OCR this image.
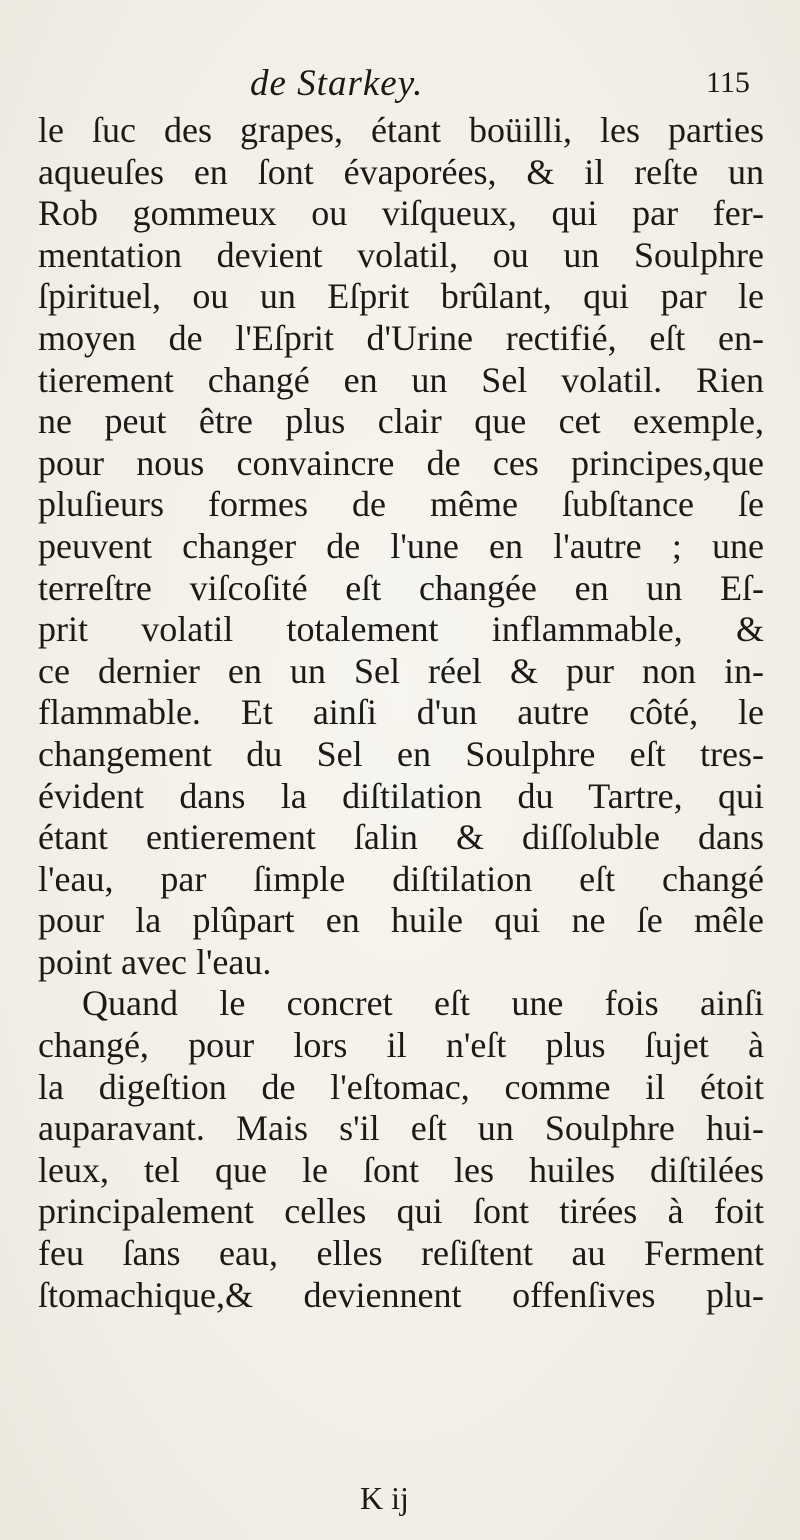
de Starkey.	115
le ſuc des grapes, étant boüilli, les parties
aqueuſes en ſont évaporées, & il reſte un
Rob gommeux ou viſqueux, qui par fer-
mentation devient volatil, ou un Soulphre
ſpirituel, ou un Eſprit brûlant, qui par le
moyen de l'Eſprit d'Urine rectifié, eſt en-
tierement changé en un Sel volatil. Rien
ne peut être plus clair que cet exemple,
pour nous convaincre de ces principes,que
pluſieurs formes de même ſubſtance ſe
peuvent changer de l'une en l'autre ; une
terreſtre viſcoſité eſt changée en un Eſ-
prit volatil totalement inflammable, &
ce dernier en un Sel réel & pur non in-
flammable. Et ainſi d'un autre côté, le
changement du Sel en Soulphre eſt tres-
évident dans la diſtilation du Tartre, qui
étant entierement ſalin & diſſoluble dans
l'eau, par ſimple diſtilation eſt changé
pour la plûpart en huile qui ne ſe mêle
point avec l'eau.
Quand le concret eſt une fois ainſi
changé, pour lors il n'eſt plus ſujet à
la digeſtion de l'eſtomac, comme il étoit
auparavant. Mais s'il eſt un Soulphre hui-
leux, tel que le ſont les huiles diſtilées
principalement celles qui ſont tirées à foit
feu ſans eau, elles reſiſtent au Ferment
ſtomachique,& deviennent offenſives plu-
K ij
